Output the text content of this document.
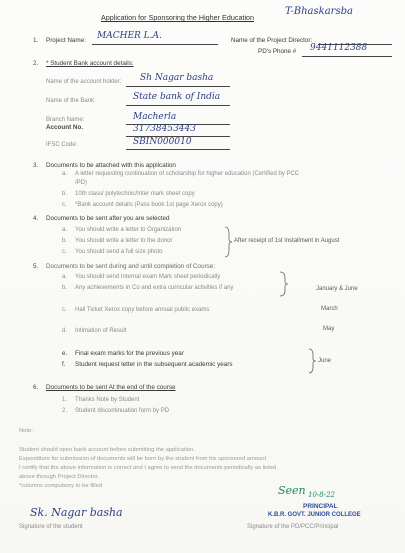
Application for Sponsoring the Higher Education
T-Bhaskarsba
1. Project Name: MACHER L.A.	Name of the Project Director:
PD's Phone # 9441112388
2. * Student Bank account details:
Name of the account holder: Sh Nagar basha
Name of the Bank:	State bank of India
Branch Name:	Macherla
Account No.	31738453443
IFSC Code:	SBIN000010
3. Documents to be attached with this application
a. A letter requesting continuation of scholarship for higher education (Certified by PCC
/PD)
b. 10th class/ polytechnic/Inter mark sheet copy
c. *Bank account details (Pass book 1st page Xerox copy)
4. Documents to be sent after you are selected
a. You should write a letter to Organization
b. You should write a letter to the donor
c. You should send a full size photo
After receipt of 1st installment in August
5. Documents to be sent during and until completion of Course:
a. You should send Internal exam Mark sheet periodically
b. Any achievements in Co and extra curricular activities if any	January & June
c. Hall Ticket Xerox copy before annual public exams	March
d. Intimation of Result	May
e. Final exam marks for the previous year
f. Student request letter in the subsequent academic years	June
6. Documents to be sent At the end of the course
1. Thanks Note by Student
2. Student discontinuation form by PD
Note:
Student should open bank account before submitting the application.
Expenditure for submission of documents will be born by the student from his sponsored amount
I certify that the above information is correct and I agree to send the documents periodically as listed
above through Project Director.
*columns compulsory to be filled
Sk. Nagar basha
Signature of the student
Seen 10-8-22
PRINCIPAL
K.B.R. GOVT. JUNIOR COLLEGE
Signature of the PD/PCC/Principal
